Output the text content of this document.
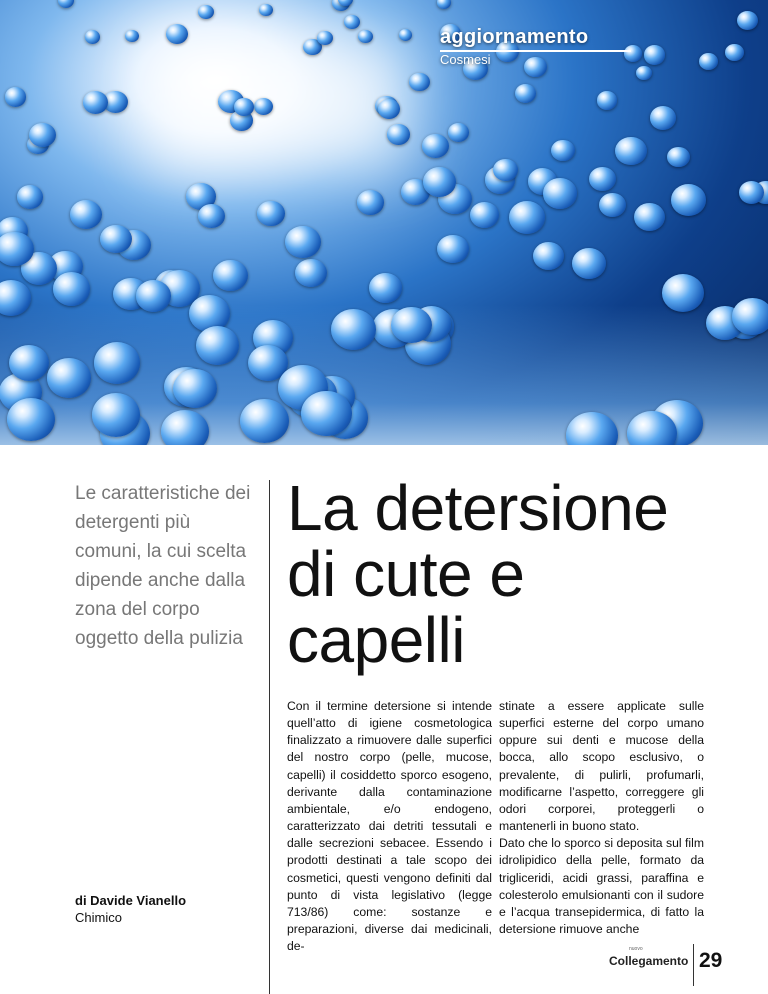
aggiornamento
Cosmesi
Le caratteristiche dei detergenti più comuni, la cui scelta dipende anche dalla zona del corpo oggetto della pulizia
La detersione
di cute e
capelli
di Davide Vianello
Chimico

Con il termine detersione si intende quell’atto di igiene cosmetologica finalizzato a rimuovere dalle superfici del nostro corpo (pelle, mucose, capelli) il cosiddetto sporco esogeno, derivante dalla contaminazione ambientale, e/o endogeno, caratterizzato dai detriti tessutali e dalle secrezioni sebacee. Essendo i prodotti destinati a tale scopo dei cosmetici, questi vengono definiti dal punto di vista legislativo (legge 713/86) come: sostanze e preparazioni, diverse dai medicinali, de-

stinate a essere applicate sulle superfici esterne del corpo umano oppure sui denti e mucose della bocca, allo scopo esclusivo, o prevalente, di pulirli, profumarli, modificarne l’aspetto, correggere gli odori corporei, proteggerli o mantenerli in buono stato.

Dato che lo sporco si deposita sul film idrolipidico della pelle, formato da trigliceridi, acidi grassi, paraffina e colesterolo emulsionanti con il sudore e l’acqua transepidermica, di fatto la detersione rimuove anche

nuovo
Collegamento 29
